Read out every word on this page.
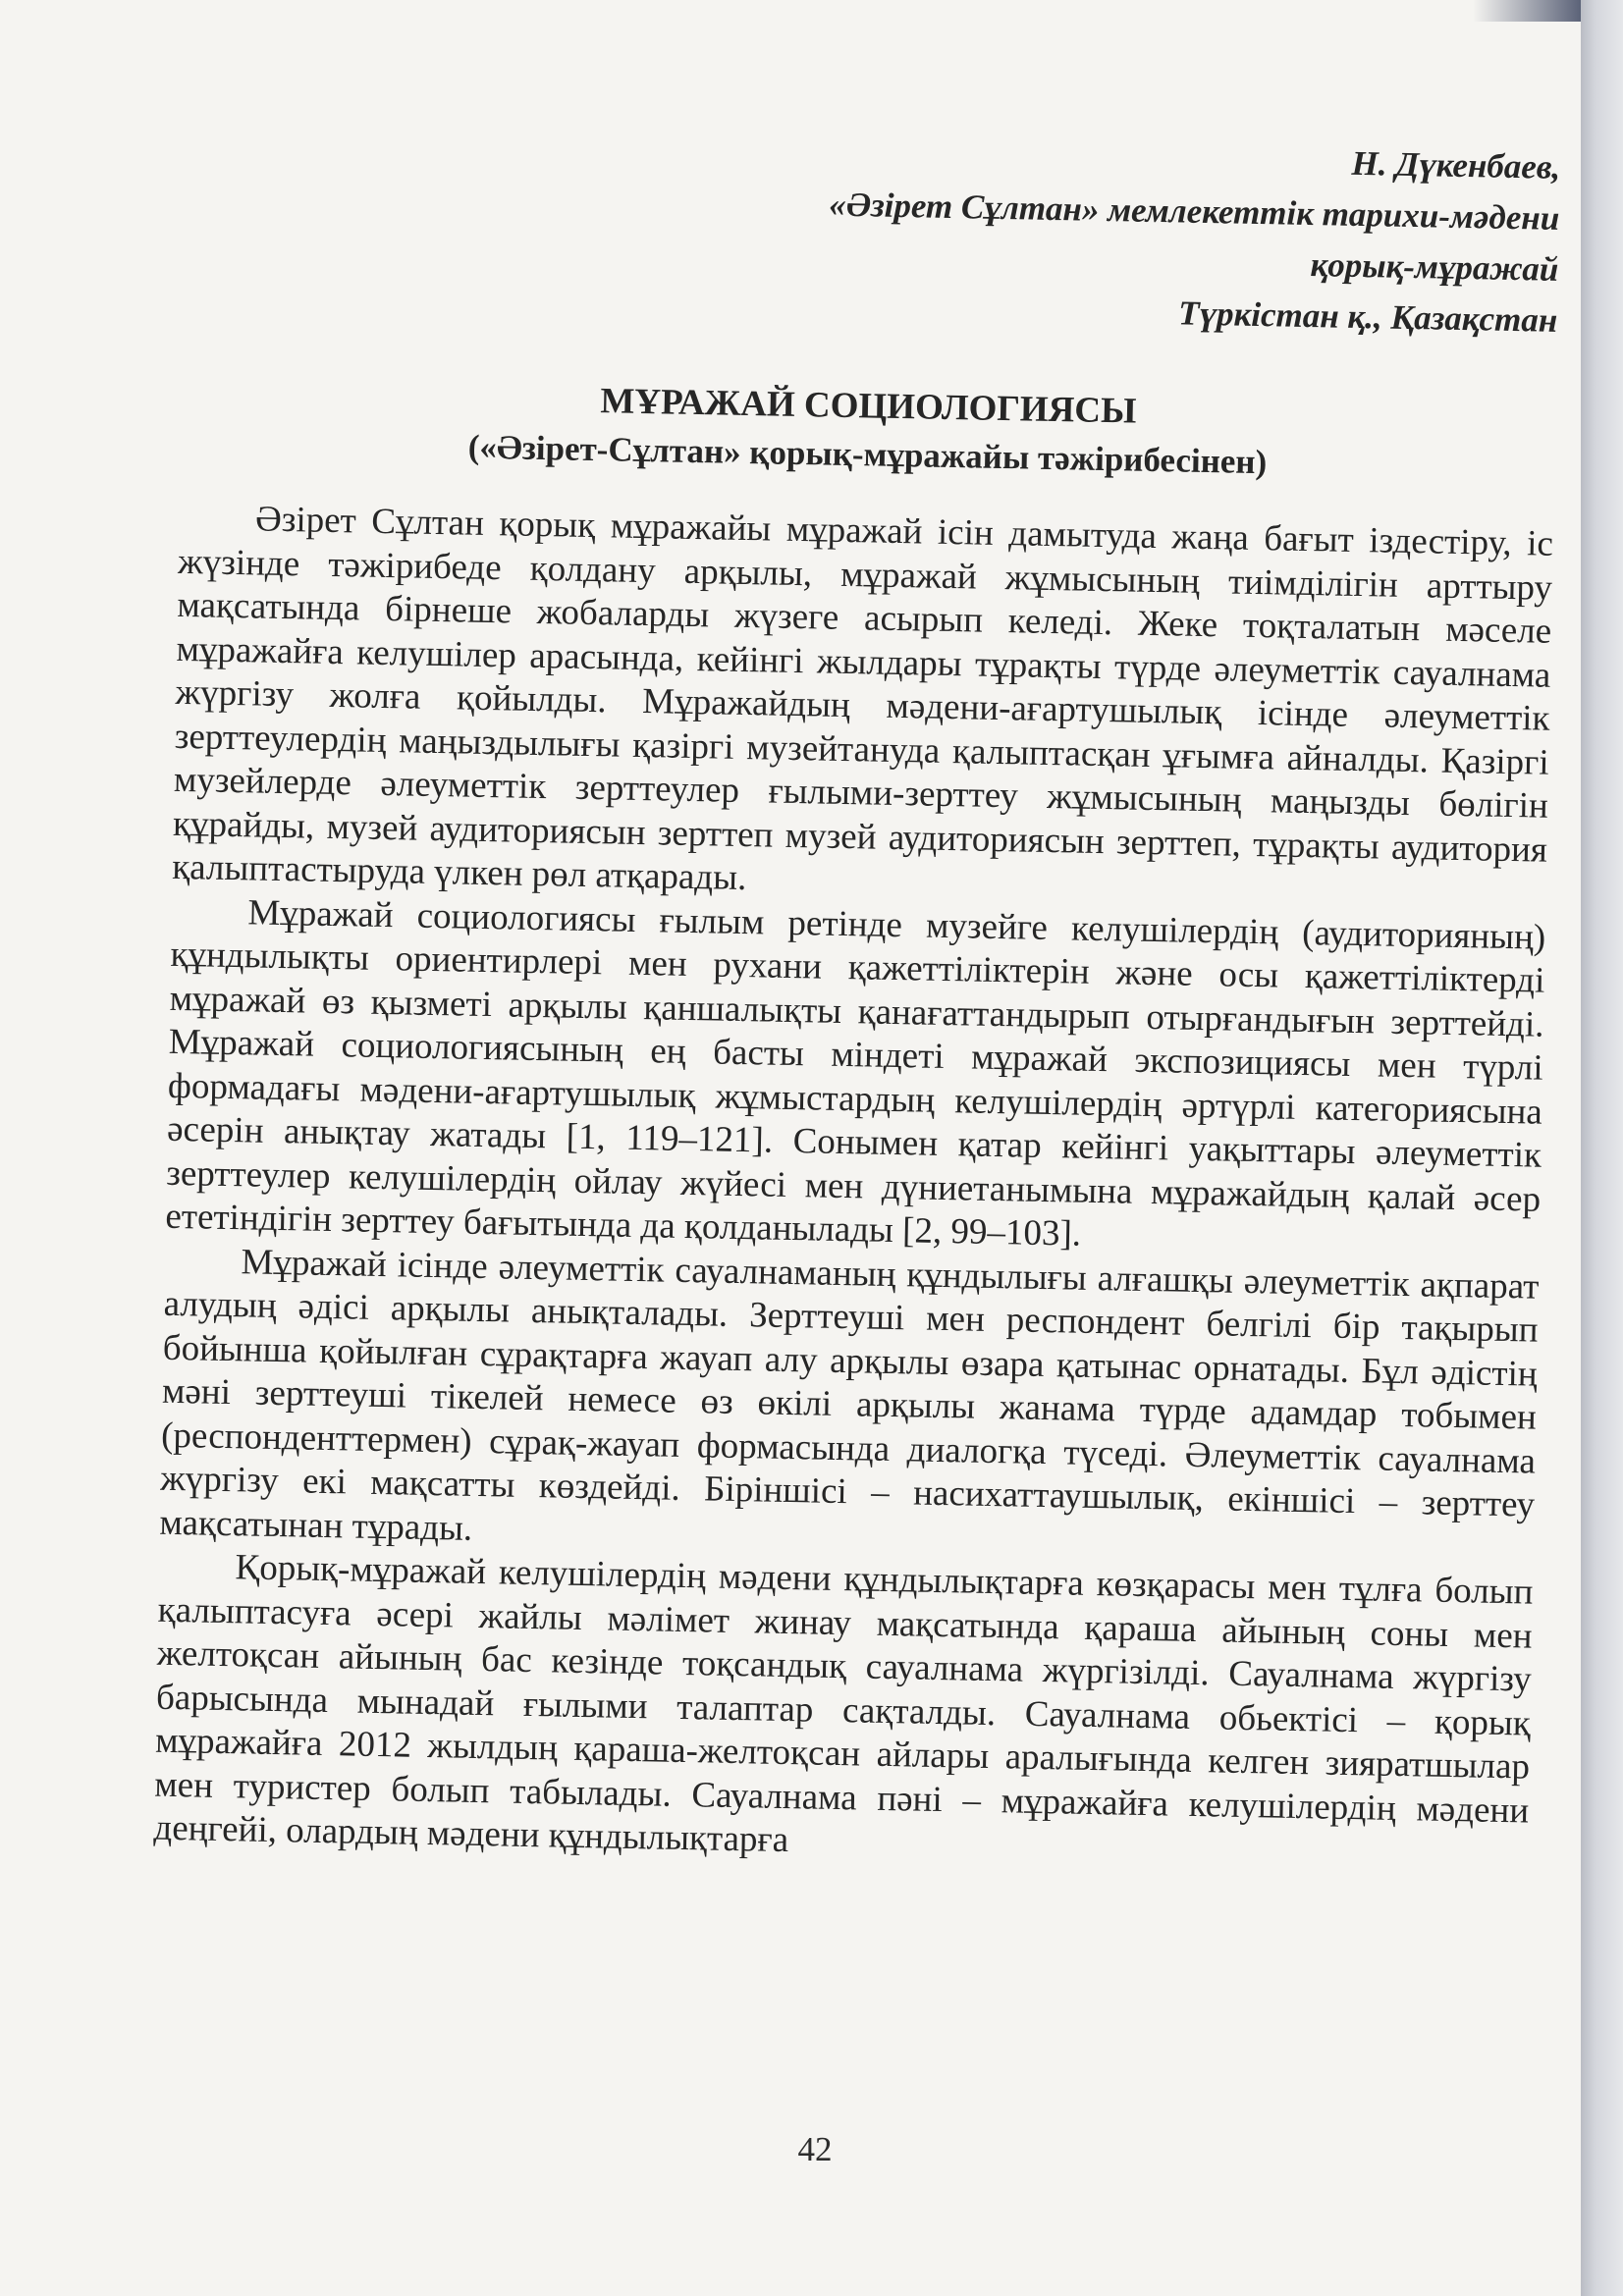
Н. Дүкенбаев,
«Әзірет Сұлтан» мемлекеттік тарихи-мәдени
қорық-мұражай
Түркістан қ., Қазақстан
МҰРАЖАЙ СОЦИОЛОГИЯСЫ
(«Әзірет-Сұлтан» қорық-мұражайы тәжірибесінен)

Әзірет Сұлтан қорық мұражайы мұражай ісін дамытуда жаңа бағыт іздестіру, іс жүзінде тәжірибеде қолдану арқылы, мұражай жұмысының тиімділігін арттыру мақсатында бірнеше жобаларды жүзеге асырып келеді. Жеке тоқталатын мәселе мұражайға келушілер арасында, кейінгі жылдары тұрақты түрде әлеуметтік сауалнама жүргізу жолға қойылды. Мұражайдың мәдени-ағартушылық ісінде әлеуметтік зерттеулердің маңыздылығы қазіргі музейтануда қалыптасқан ұғымға айналды. Қазіргі музейлерде әлеуметтік зерттеулер ғылыми-зерттеу жұмысының маңызды бөлігін құрайды, музей аудиториясын зерттеп музей аудиториясын зерттеп, тұрақты аудитория қалыптастыруда үлкен рөл атқарады.

Мұражай социологиясы ғылым ретінде музейге келушілердің (аудиторияның) құндылықты ориентирлері мен рухани қажеттіліктерін және осы қажеттіліктерді мұражай өз қызметі арқылы қаншалықты қанағаттандырып отырғандығын зерттейді. Мұражай социологиясының ең басты міндеті мұражай экспозициясы мен түрлі формадағы мәдени-ағартушылық жұмыстардың келушілердің әртүрлі категориясына әсерін анықтау жатады [1, 119–121]. Сонымен қатар кейінгі уақыттары әлеуметтік зерттеулер келушілердің ойлау жүйесі мен дүниетанымына мұражайдың қалай әсер ететіндігін зерттеу бағытында да қолданылады [2, 99–103].

Мұражай ісінде әлеуметтік сауалнаманың құндылығы алғашқы әлеуметтік ақпарат алудың әдісі арқылы анықталады. Зерттеуші мен респондент белгілі бір тақырып бойынша қойылған сұрақтарға жауап алу арқылы өзара қатынас орнатады. Бұл әдістің мәні зерттеуші тікелей немесе өз өкілі арқылы жанама түрде адамдар тобымен (респонденттермен) сұрақ-жауап формасында диалогқа түседі. Әлеуметтік сауалнама жүргізу екі мақсатты көздейді. Біріншісі – насихаттаушылық, екіншісі – зерттеу мақсатынан тұрады.

Қорық-мұражай келушілердің мәдени құндылықтарға көзқарасы мен тұлға болып қалыптасуға әсері жайлы мәлімет жинау мақсатында қараша айының соны мен желтоқсан айының бас кезінде тоқсандық сауалнама жүргізілді. Сауалнама жүргізу барысында мынадай ғылыми талаптар сақталды. Сауалнама обьектісі – қорық мұражайға 2012 жылдың қараша-желтоқсан айлары аралығында келген зияратшылар мен туристер болып табылады. Сауалнама пәні – мұражайға келушілердің мәдени деңгейі, олардың мәдени құндылықтарға

42
